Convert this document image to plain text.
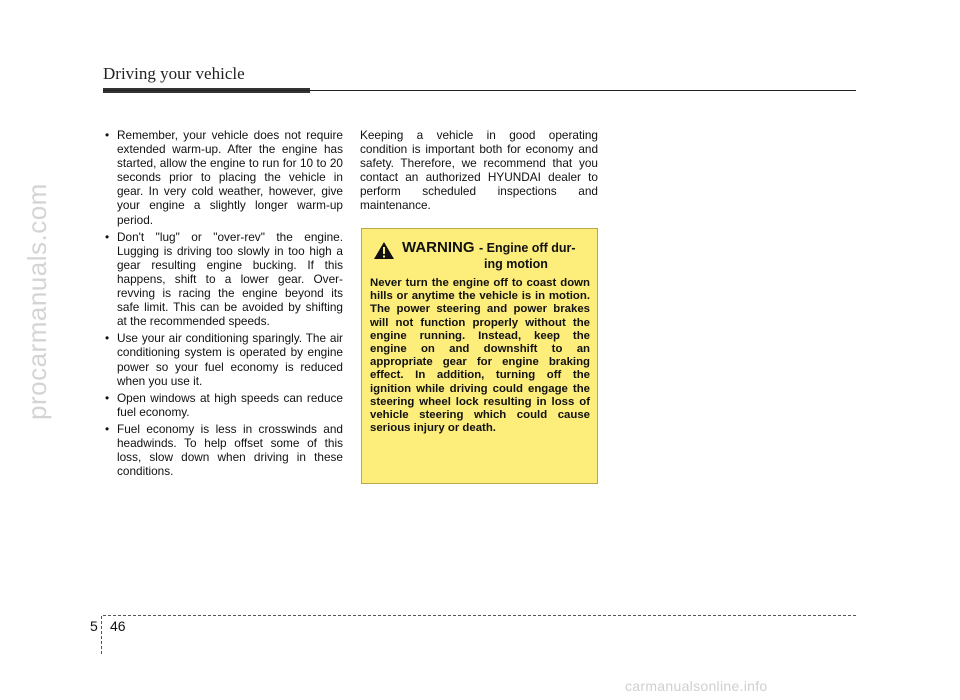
Driving your vehicle
procarmanuals.com
• Remember, your vehicle does not require extended warm-up. After the engine has started, allow the engine to run for 10 to 20 seconds prior to placing the vehicle in gear. In very cold weather, however, give your engine a slightly longer warm-up period.
• Don't "lug" or "over-rev" the engine. Lugging is driving too slowly in too high a gear resulting engine bucking. If this happens, shift to a lower gear. Over-revving is racing the engine beyond its safe limit. This can be avoided by shifting at the recommended speeds.
• Use your air conditioning sparingly. The air conditioning system is operated by engine power so your fuel economy is reduced when you use it.
• Open windows at high speeds can reduce fuel economy.
• Fuel economy is less in crosswinds and headwinds. To help offset some of this loss, slow down when driving in these conditions.

Keeping a vehicle in good operating condition is important both for economy and safety. Therefore, we recommend that you contact an authorized HYUNDAI dealer to perform scheduled inspections and maintenance.

WARNING - Engine off dur-
ing motion

Never turn the engine off to coast down hills or anytime the vehicle is in motion. The power steering and power brakes will not function properly without the engine running. Instead, keep the engine on and downshift to an appropriate gear for engine braking effect. In addition, turning off the ignition while driving could engage the steering wheel lock resulting in loss of vehicle steering which could cause serious injury or death.

5 46
carmanualsonline.info
